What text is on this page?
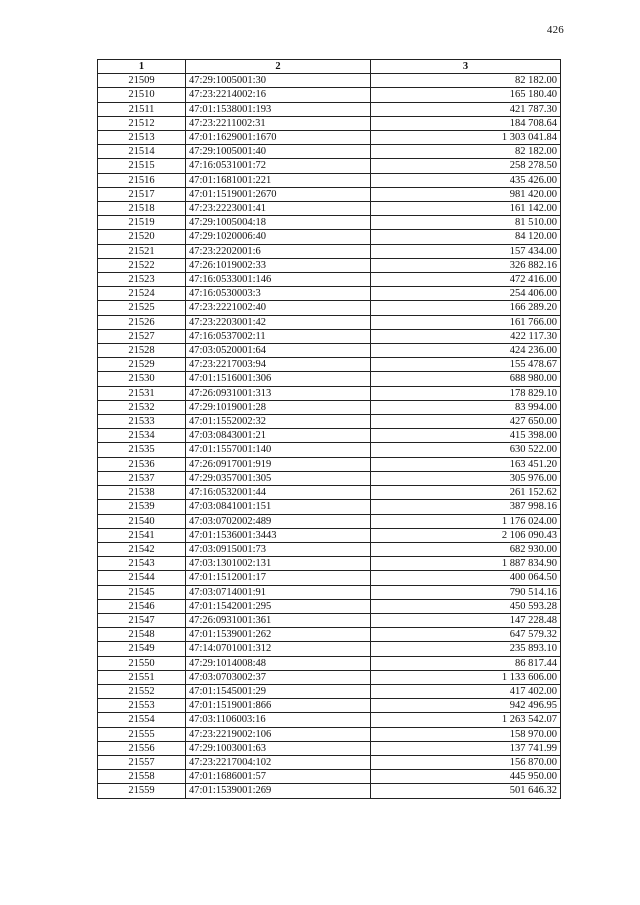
426
1	2	3
21509	47:29:1005001:30	82 182.00
21510	47:23:2214002:16	165 180.40
21511	47:01:1538001:193	421 787.30
21512	47:23:2211002:31	184 708.64
21513	47:01:1629001:1670	1 303 041.84
21514	47:29:1005001:40	82 182.00
21515	47:16:0531001:72	258 278.50
21516	47:01:1681001:221	435 426.00
21517	47:01:1519001:2670	981 420.00
21518	47:23:2223001:41	161 142.00
21519	47:29:1005004:18	81 510.00
21520	47:29:1020006:40	84 120.00
21521	47:23:2202001:6	157 434.00
21522	47:26:1019002:33	326 882.16
21523	47:16:0533001:146	472 416.00
21524	47:16:0530003:3	254 406.00
21525	47:23:2221002:40	166 289.20
21526	47:23:2203001:42	161 766.00
21527	47:16:0537002:11	422 117.30
21528	47:03:0520001:64	424 236.00
21529	47:23:2217003:94	155 478.67
21530	47:01:1516001:306	688 980.00
21531	47:26:0931001:313	178 829.10
21532	47:29:1019001:28	83 994.00
21533	47:01:1552002:32	427 650.00
21534	47:03:0843001:21	415 398.00
21535	47:01:1557001:140	630 522.00
21536	47:26:0917001:919	163 451.20
21537	47:29:0357001:305	305 976.00
21538	47:16:0532001:44	261 152.62
21539	47:03:0841001:151	387 998.16
21540	47:03:0702002:489	1 176 024.00
21541	47:01:1536001:3443	2 106 090.43
21542	47:03:0915001:73	682 930.00
21543	47:03:1301002:131	1 887 834.90
21544	47:01:1512001:17	400 064.50
21545	47:03:0714001:91	790 514.16
21546	47:01:1542001:295	450 593.28
21547	47:26:0931001:361	147 228.48
21548	47:01:1539001:262	647 579.32
21549	47:14:0701001:312	235 893.10
21550	47:29:1014008:48	86 817.44
21551	47:03:0703002:37	1 133 606.00
21552	47:01:1545001:29	417 402.00
21553	47:01:1519001:866	942 496.95
21554	47:03:1106003:16	1 263 542.07
21555	47:23:2219002:106	158 970.00
21556	47:29:1003001:63	137 741.99
21557	47:23:2217004:102	156 870.00
21558	47:01:1686001:57	445 950.00
21559	47:01:1539001:269	501 646.32
